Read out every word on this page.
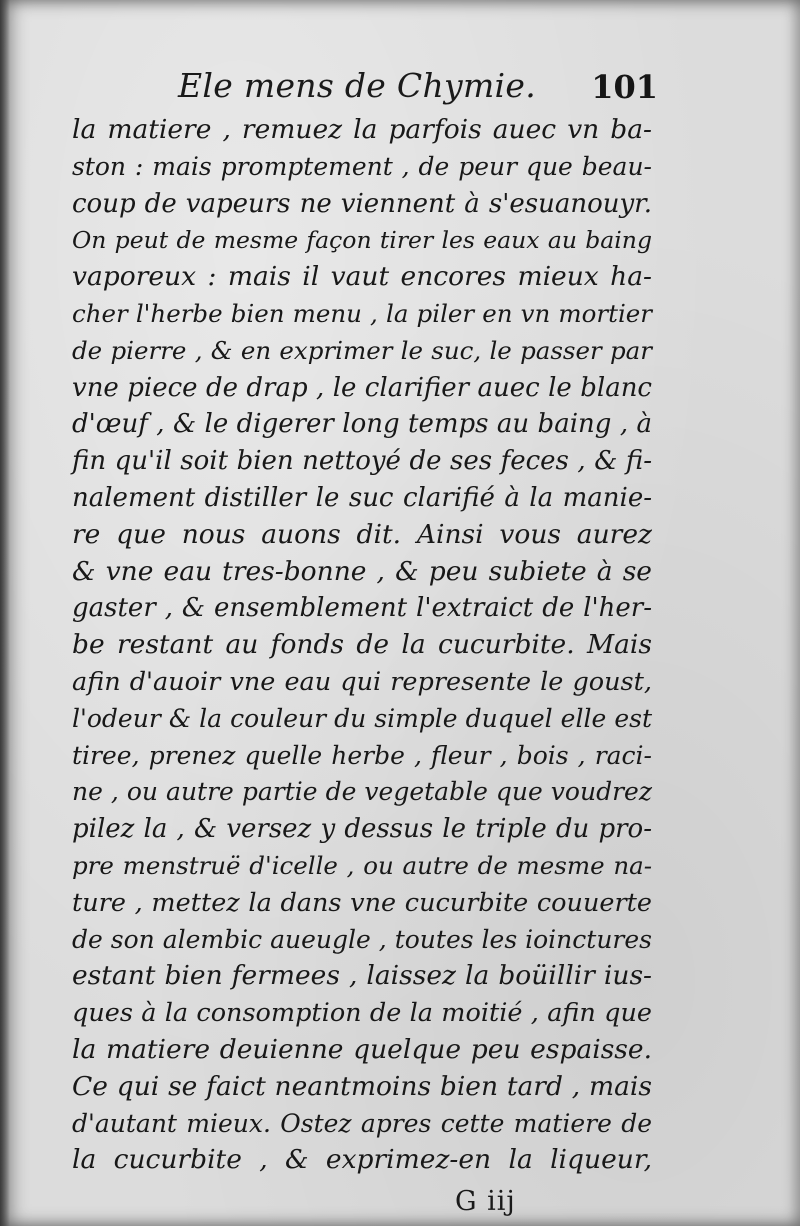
Ele mens de Chymie. 101
la matiere , remuez la parfois auec vn ba-
ston : mais promptement , de peur que beau-
coup de vapeurs ne viennent à s'esuanouyr.
On peut de mesme façon tirer les eaux au baing
vaporeux : mais il vaut encores mieux ha-
cher l'herbe bien menu , la piler en vn mortier
de pierre , & en exprimer le suc, le passer par
vne piece de drap , le clarifier auec le blanc
d'œuf , & le digerer long temps au baing , à
fin qu'il soit bien nettoyé de ses feces , & fi-
nalement distiller le suc clarifié à la manie-
re que nous auons dit. Ainsi vous aurez
& vne eau tres-bonne , & peu subiete à se
gaster , & ensemblement l'extraict de l'her-
be restant au fonds de la cucurbite. Mais
afin d'auoir vne eau qui represente le goust,
l'odeur & la couleur du simple duquel elle est
tiree, prenez quelle herbe , fleur , bois , raci-
ne , ou autre partie de vegetable que voudrez
pilez la , & versez y dessus le triple du pro-
pre menstruë d'icelle , ou autre de mesme na-
ture , mettez la dans vne cucurbite couuerte
de son alembic aueugle , toutes les ioinctures
estant bien fermees , laissez la boüillir ius-
ques à la consomption de la moitié , afin que
la matiere deuienne quelque peu espaisse.
Ce qui se faict neantmoins bien tard , mais
d'autant mieux. Ostez apres cette matiere de
la cucurbite , & exprimez-en la liqueur,
G iij
